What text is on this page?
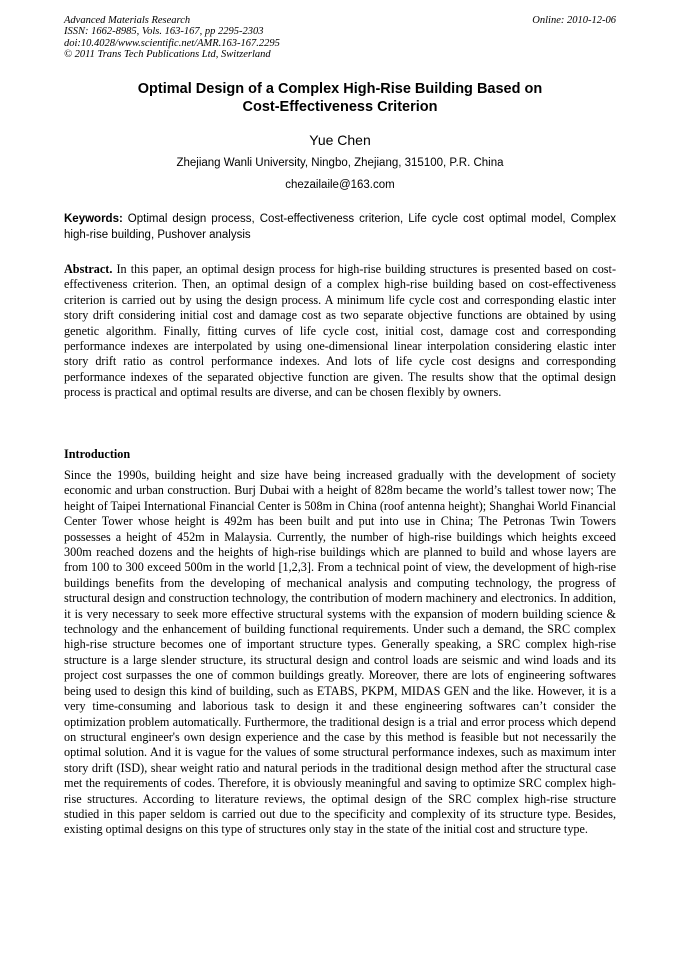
Advanced Materials Research
ISSN: 1662-8985, Vols. 163-167, pp 2295-2303
doi:10.4028/www.scientific.net/AMR.163-167.2295
© 2011 Trans Tech Publications Ltd, Switzerland
Online: 2010-12-06
Optimal Design of a Complex High-Rise Building Based on
Cost-Effectiveness Criterion
Yue Chen
Zhejiang Wanli University, Ningbo, Zhejiang, 315100, P.R. China
chezailaile@163.com
Keywords: Optimal design process, Cost-effectiveness criterion, Life cycle cost optimal model, Complex high-rise building, Pushover analysis
Abstract. In this paper, an optimal design process for high-rise building structures is presented based on cost-effectiveness criterion. Then, an optimal design of a complex high-rise building based on cost-effectiveness criterion is carried out by using the design process. A minimum life cycle cost and corresponding elastic inter story drift considering initial cost and damage cost as two separate objective functions are obtained by using genetic algorithm. Finally, fitting curves of life cycle cost, initial cost, damage cost and corresponding performance indexes are interpolated by using one-dimensional linear interpolation considering elastic inter story drift ratio as control performance indexes. And lots of life cycle cost designs and corresponding performance indexes of the separated objective function are given. The results show that the optimal design process is practical and optimal results are diverse, and can be chosen flexibly by owners.
Introduction
Since the 1990s, building height and size have being increased gradually with the development of society economic and urban construction. Burj Dubai with a height of 828m became the world’s tallest tower now; The height of Taipei International Financial Center is 508m in China (roof antenna height); Shanghai World Financial Center Tower whose height is 492m has been built and put into use in China; The Petronas Twin Towers possesses a height of 452m in Malaysia. Currently, the number of high-rise buildings which heights exceed 300m reached dozens and the heights of high-rise buildings which are planned to build and whose layers are from 100 to 300 exceed 500m in the world [1,2,3]. From a technical point of view, the development of high-rise buildings benefits from the developing of mechanical analysis and computing technology, the progress of structural design and construction technology, the contribution of modern machinery and electronics. In addition, it is very necessary to seek more effective structural systems with the expansion of modern building science & technology and the enhancement of building functional requirements. Under such a demand, the SRC complex high-rise structure becomes one of important structure types. Generally speaking, a SRC complex high-rise structure is a large slender structure, its structural design and control loads are seismic and wind loads and its project cost surpasses the one of common buildings greatly. Moreover, there are lots of engineering softwares being used to design this kind of building, such as ETABS, PKPM, MIDAS GEN and the like. However, it is a very time-consuming and laborious task to design it and these engineering softwares can’t consider the optimization problem automatically. Furthermore, the traditional design is a trial and error process which depend on structural engineer's own design experience and the case by this method is feasible but not necessarily the optimal solution. And it is vague for the values of some structural performance indexes, such as maximum inter story drift (ISD), shear weight ratio and natural periods in the traditional design method after the structural case met the requirements of codes. Therefore, it is obviously meaningful and saving to optimize SRC complex high-rise structures. According to literature reviews, the optimal design of the SRC complex high-rise structure studied in this paper seldom is carried out due to the specificity and complexity of its structure type. Besides, existing optimal designs on this type of structures only stay in the state of the initial cost and structure type.
